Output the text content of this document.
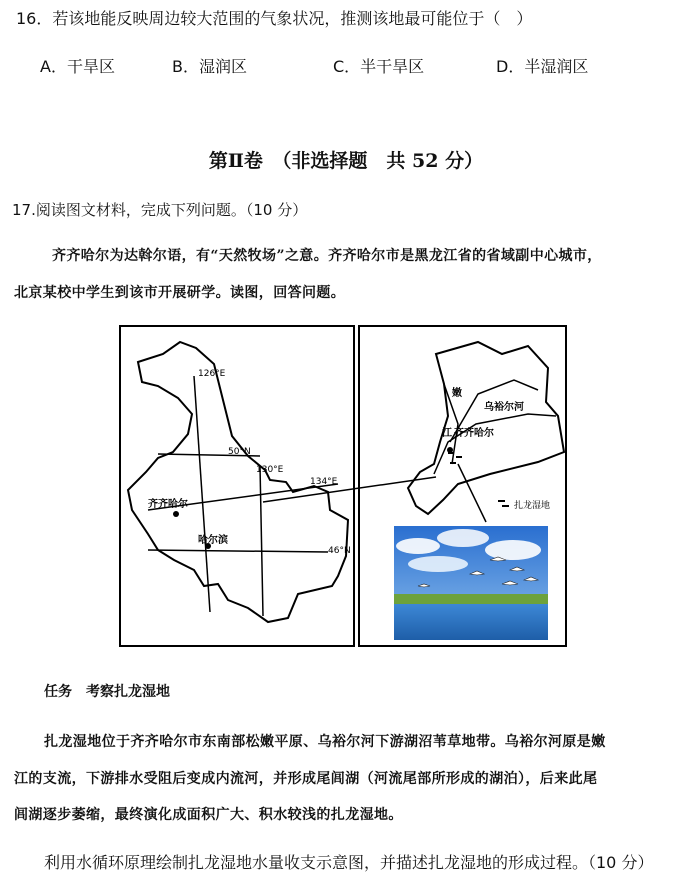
16．若该地能反映周边较大范围的气象状况，推测该地最可能位于（　）
A．干旱区	B．湿润区	C．半干旱区	D．半湿润区
第Ⅱ卷　（非选择题　共 52 分）
17.阅读图文材料，完成下列问题。（10 分）
齐齐哈尔为达斡尔语，有“天然牧场”之意。齐齐哈尔市是黑龙江省的省域副中心城市，
北京某校中学生到该市开展研学。读图，回答问题。
126°E
50°N
130°E
134°E
46°N
齐齐哈尔
哈尔滨
嫩
江
乌裕尔河
齐齐哈尔
扎龙湿地
任务　考察扎龙湿地
扎龙湿地位于齐齐哈尔市东南部松嫩平原、乌裕尔河下游湖沼苇草地带。乌裕尔河原是嫩
江的支流，下游排水受阻后变成内流河，并形成尾闾湖（河流尾部所形成的湖泊），后来此尾
闾湖逐步萎缩，最终演化成面积广大、积水较浅的扎龙湿地。
利用水循环原理绘制扎龙湿地水量收支示意图，并描述扎龙湿地的形成过程。（10 分）
